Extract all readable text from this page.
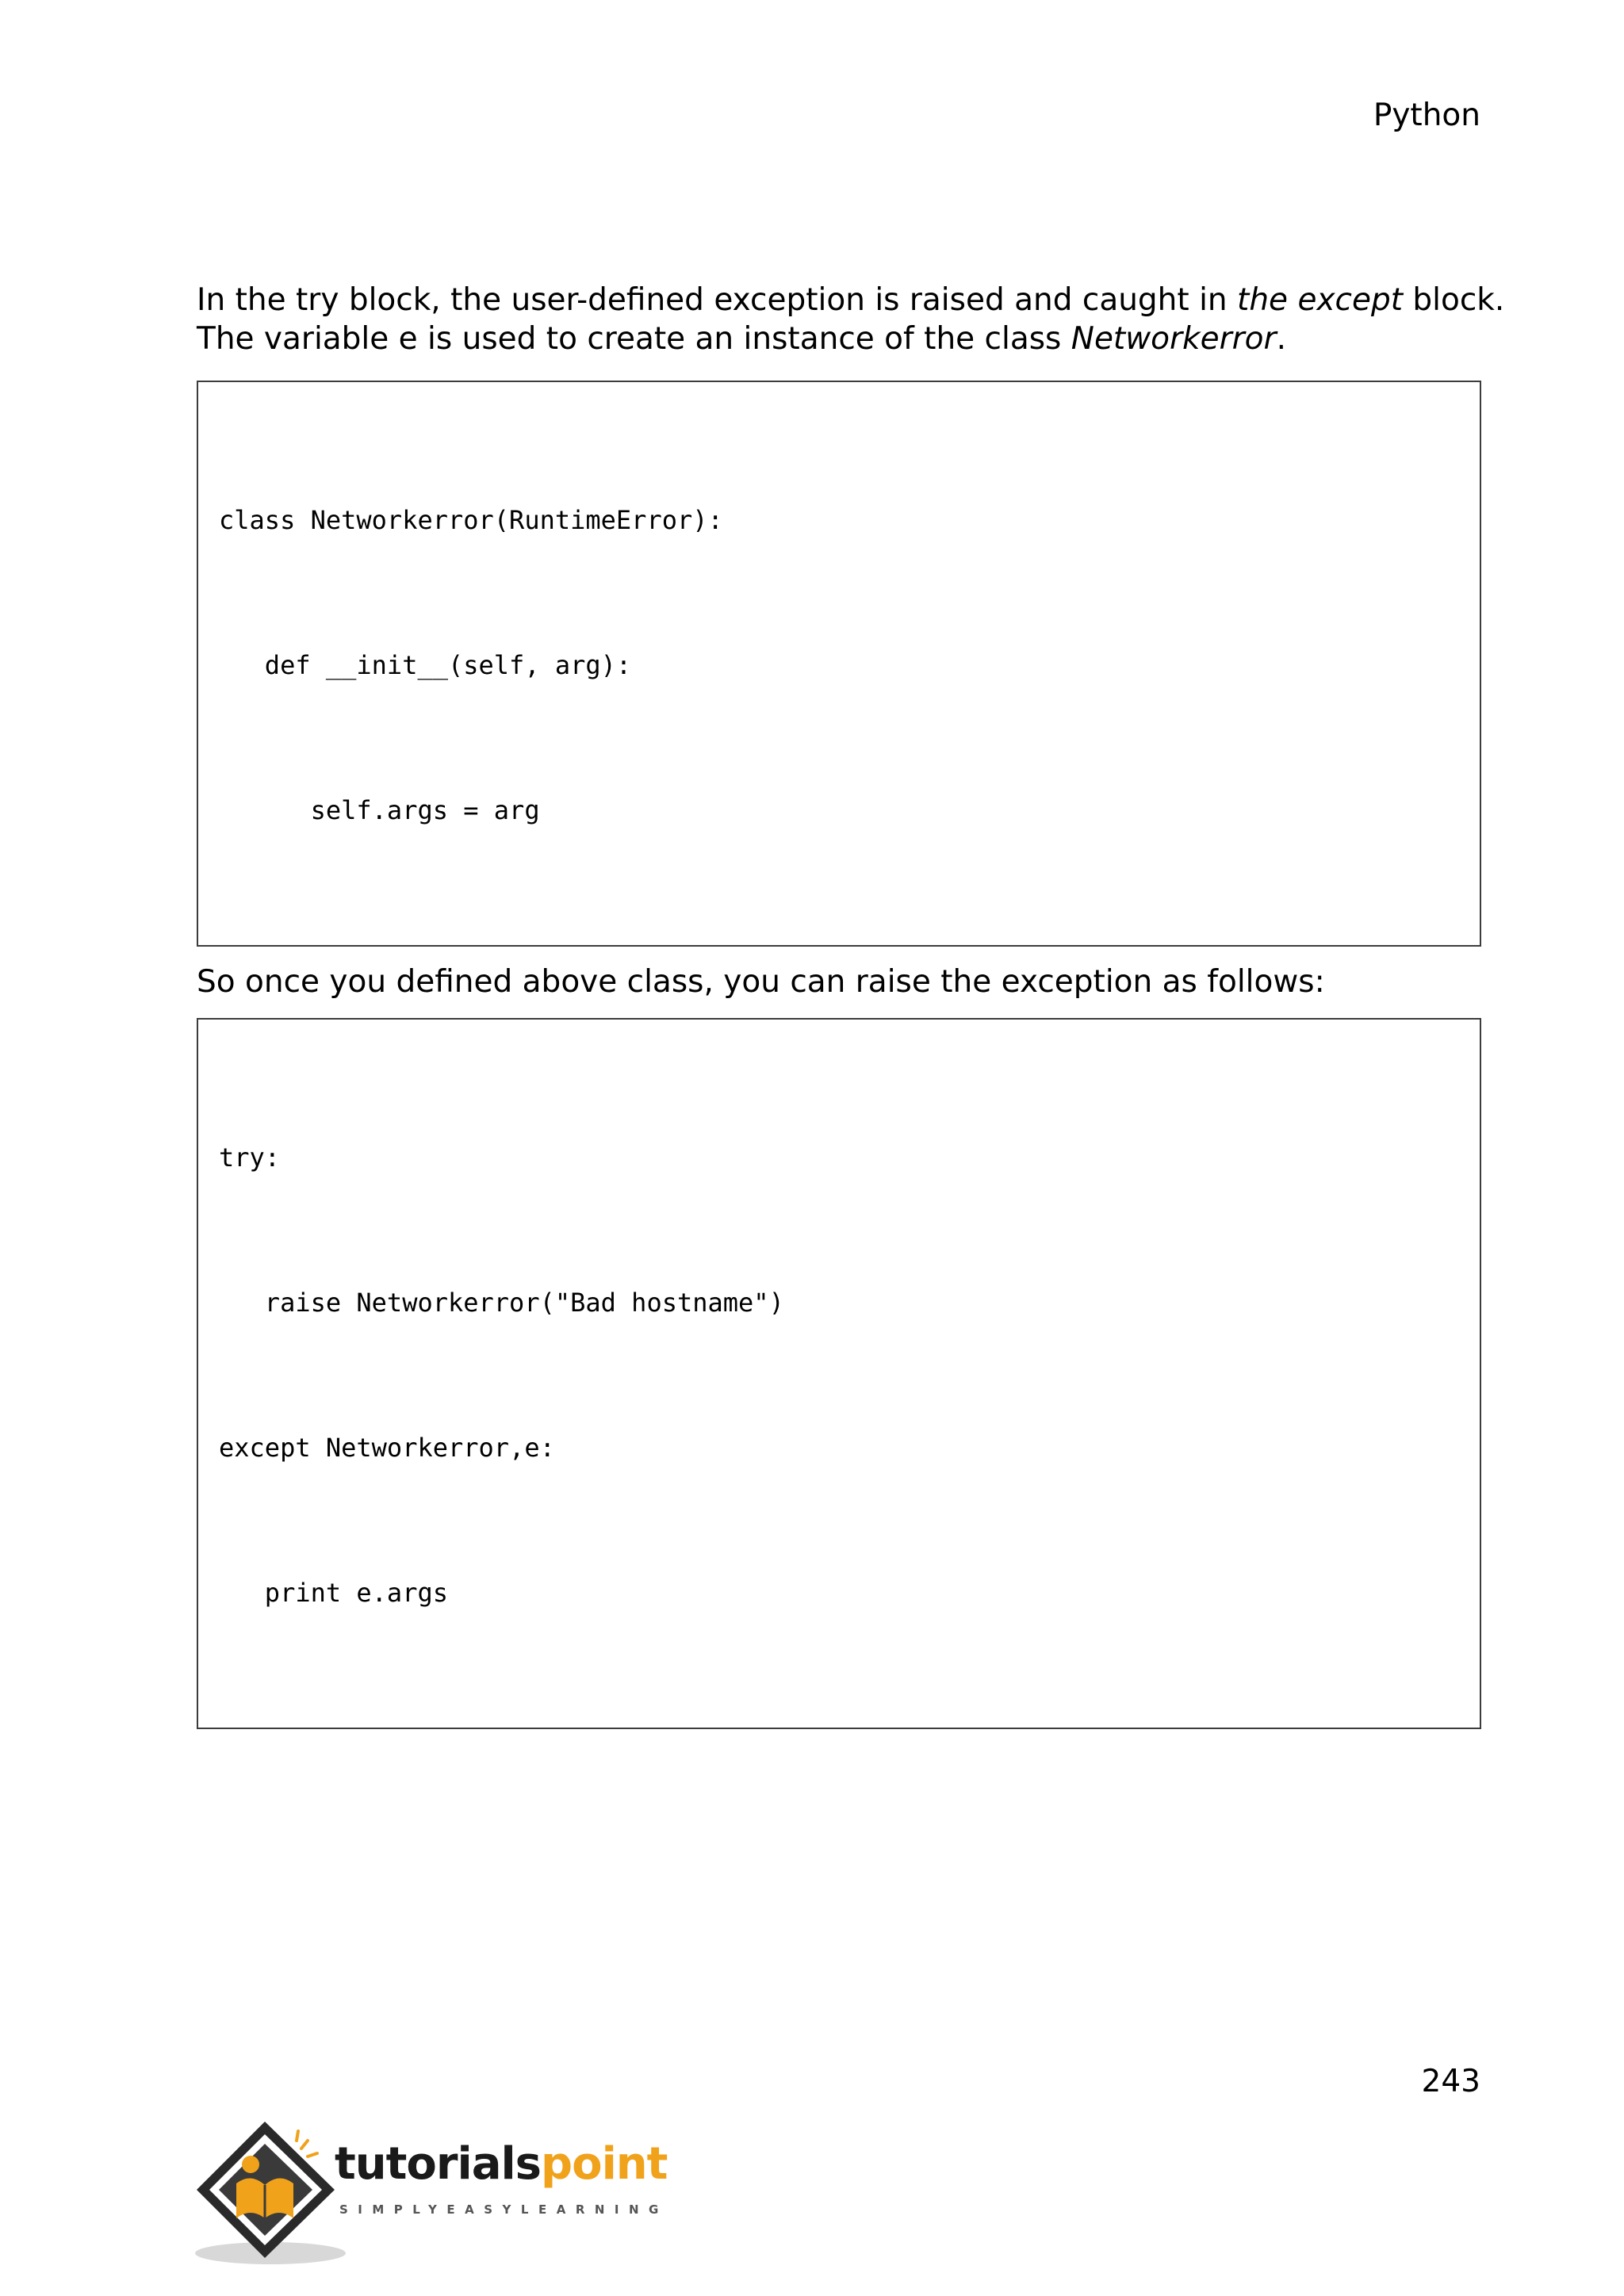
Python

In the try block, the user-defined exception is raised and caught in the except block.

The variable e is used to create an instance of the class Networkerror.

class Networkerror(RuntimeError):

def __init__(self, arg):

self.args = arg

So once you defined above class, you can raise the exception as follows:

try:

raise Networkerror("Bad hostname")

except Networkerror,e:

print e.args

243
tutorialspoint
SIMPLYEASYLEARNING
